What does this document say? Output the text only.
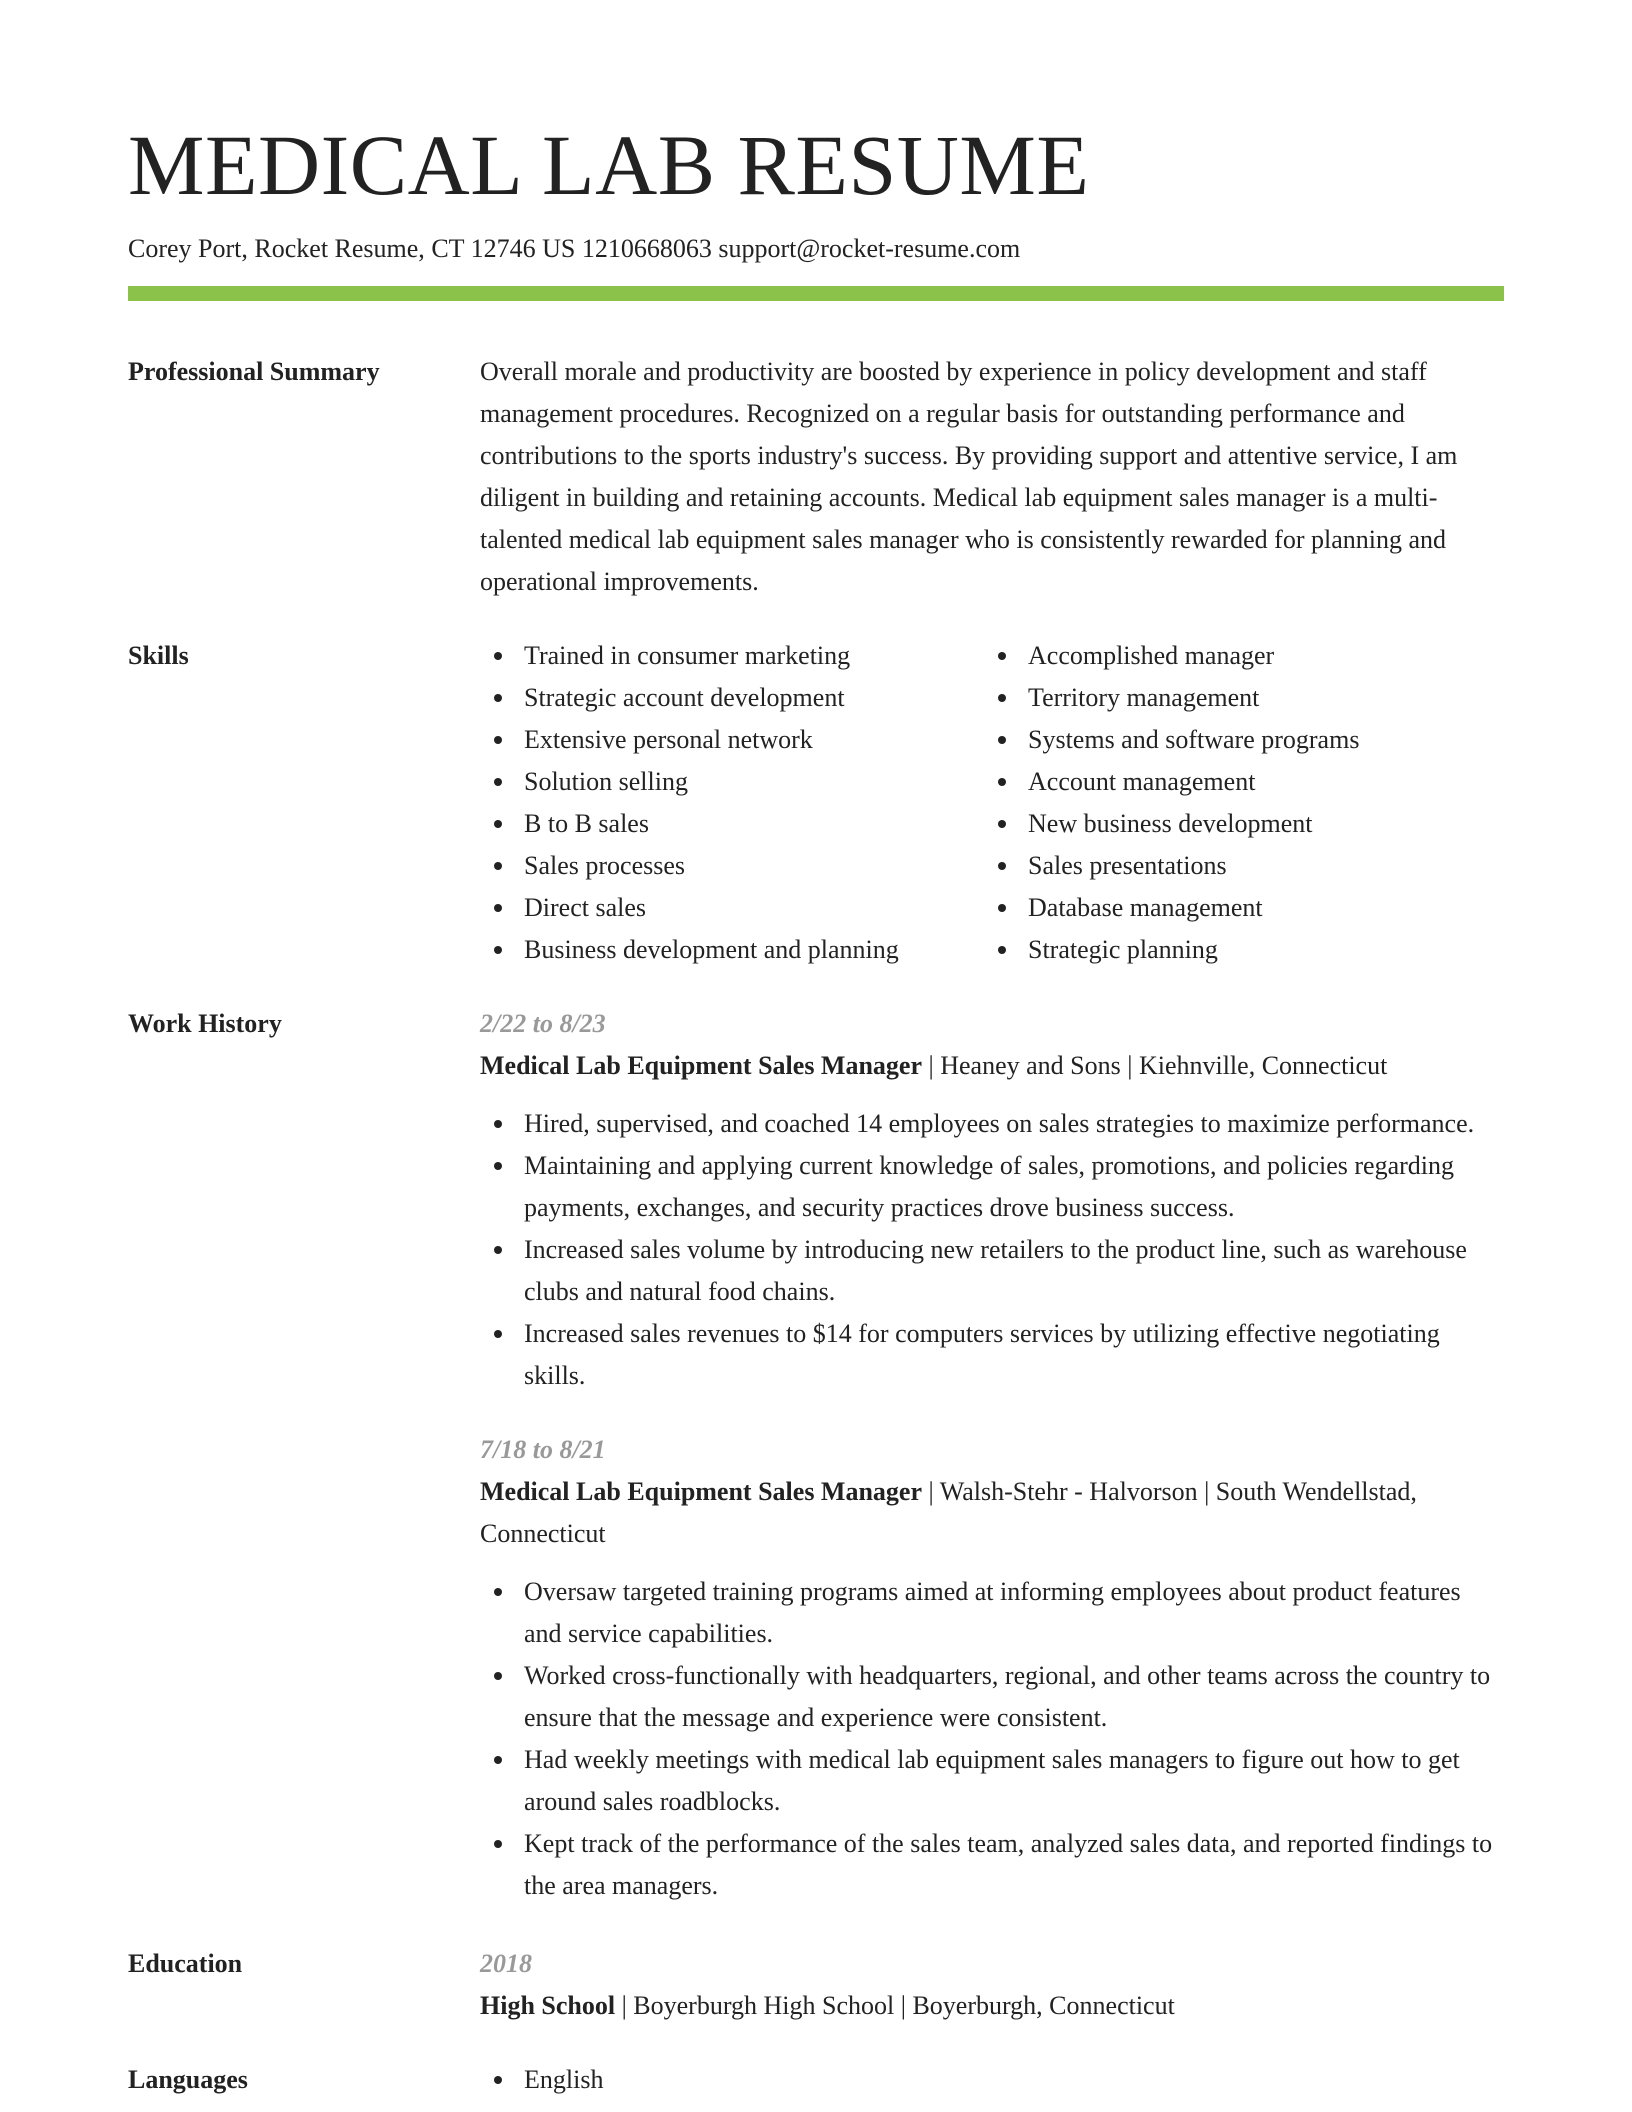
MEDICAL LAB RESUME
Corey Port, Rocket Resume, CT 12746 US 1210668063 support@rocket-resume.com
Professional Summary	Overall morale and productivity are boosted by experience in policy development and staff management procedures. Recognized on a regular basis for outstanding performance and contributions to the sports industry's success. By providing support and attentive service, I am diligent in building and retaining accounts. Medical lab equipment sales manager is a multi-talented medical lab equipment sales manager who is consistently rewarded for planning and operational improvements.
Skills	Trained in consumer marketing
Strategic account development
Extensive personal network
Solution selling
B to B sales
Sales processes
Direct sales
Business development and planning
Accomplished manager
Territory management
Systems and software programs
Account management
New business development
Sales presentations
Database management
Strategic planning
Work History	2/22 to 8/23
Medical Lab Equipment Sales Manager | Heaney and Sons | Kiehnville, Connecticut
Hired, supervised, and coached 14 employees on sales strategies to maximize performance.
Maintaining and applying current knowledge of sales, promotions, and policies regarding payments, exchanges, and security practices drove business success.
Increased sales volume by introducing new retailers to the product line, such as warehouse clubs and natural food chains.
Increased sales revenues to $14 for computers services by utilizing effective negotiating skills.
7/18 to 8/21
Medical Lab Equipment Sales Manager | Walsh-Stehr - Halvorson | South Wendellstad, Connecticut
Oversaw targeted training programs aimed at informing employees about product features and service capabilities.
Worked cross-functionally with headquarters, regional, and other teams across the country to ensure that the message and experience were consistent.
Had weekly meetings with medical lab equipment sales managers to figure out how to get around sales roadblocks.
Kept track of the performance of the sales team, analyzed sales data, and reported findings to the area managers.
Education	2018
High School | Boyerburgh High School | Boyerburgh, Connecticut
Languages	English
